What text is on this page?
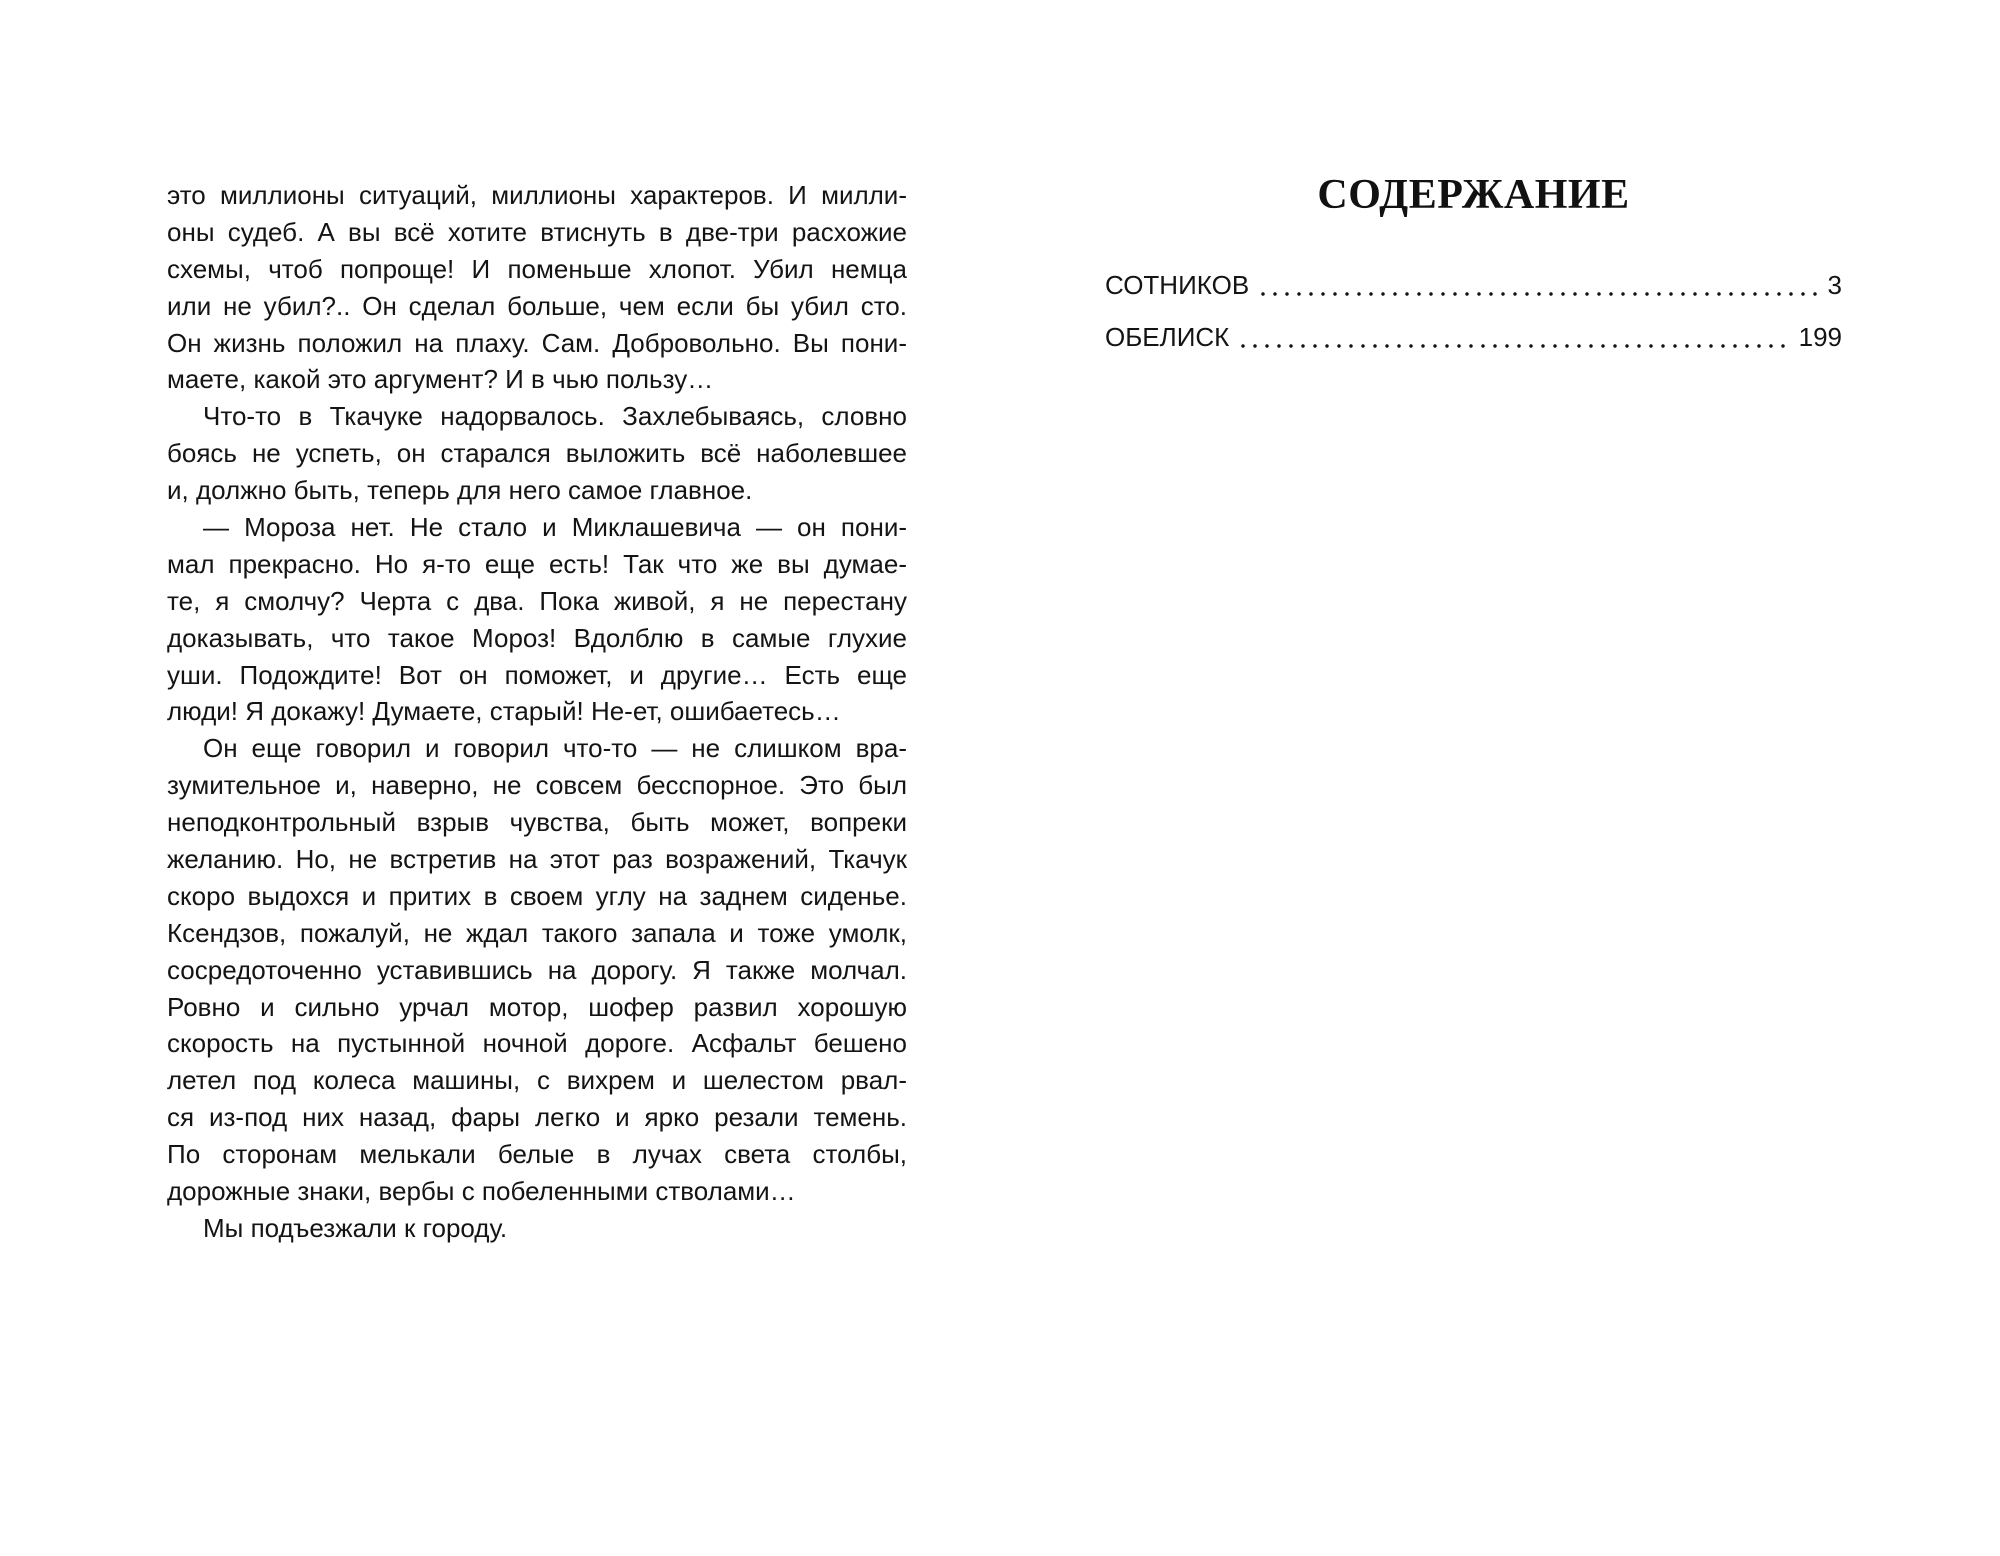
это миллионы ситуаций, миллионы характеров. И милли-
оны судеб. А вы всё хотите втиснуть в две-три расхожие
схемы, чтоб попроще! И поменьше хлопот. Убил немца
или не убил?.. Он сделал больше, чем если бы убил сто.
Он жизнь положил на плаху. Сам. Добровольно. Вы пони-
маете, какой это аргумент? И в чью пользу…
Что-то в Ткачуке надорвалось. Захлебываясь, словно
боясь не успеть, он старался выложить всё наболевшее
и, должно быть, теперь для него самое главное.
— Мороза нет. Не стало и Миклашевича — он пони-
мал прекрасно. Но я-то еще есть! Так что же вы думае-
те, я смолчу? Черта с два. Пока живой, я не перестану
доказывать, что такое Мороз! Вдолблю в самые глухие
уши. Подождите! Вот он поможет, и другие… Есть еще
люди! Я докажу! Думаете, старый! Не-ет, ошибаетесь…
Он еще говорил и говорил что-то — не слишком вра-
зумительное и, наверно, не совсем бесспорное. Это был
неподконтрольный взрыв чувства, быть может, вопреки
желанию. Но, не встретив на этот раз возражений, Ткачук
скоро выдохся и притих в своем углу на заднем сиденье.
Ксендзов, пожалуй, не ждал такого запала и тоже умолк,
сосредоточенно уставившись на дорогу. Я также молчал.
Ровно и сильно урчал мотор, шофер развил хорошую
скорость на пустынной ночной дороге. Асфальт бешено
летел под колеса машины, с вихрем и шелестом рвал-
ся из-под них назад, фары легко и ярко резали темень.
По сторонам мелькали белые в лучах света столбы,
дорожные знаки, вербы с побеленными стволами…
Мы подъезжали к городу.
СОДЕРЖАНИЕ
СОТНИКОВ	3
ОБЕЛИСК	199
